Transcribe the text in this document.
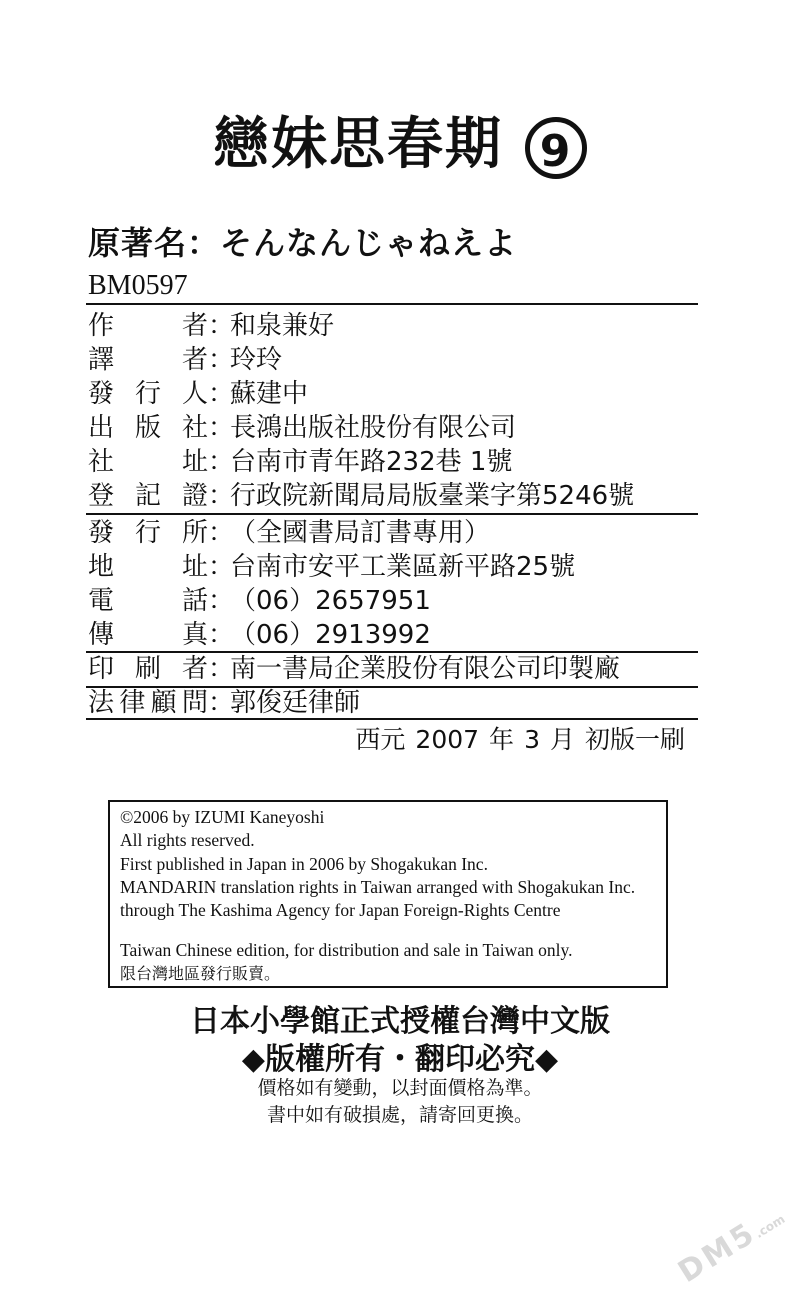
戀妹思春期 9
原著名：そんなんじゃねえよ
BM0597
作	者 ：
和泉兼好
譯	者 ：
玲玲
發 行 人 ：
蘇建中
出 版 社 ：
長鴻出版社股份有限公司
社	址 ：
台南市青年路232巷 1號
登 記 證 ：
行政院新聞局局版臺業字第5246號
發 行 所 ：
（全國書局訂書專用）
地	址 ：
台南市安平工業區新平路25號
電	話 ：
（06）2657951
傳	真 ：
（06）2913992
印 刷 者 ：
南一書局企業股份有限公司印製廠
法 律 顧 問 ：
郭俊廷律師
西元 2007 年 3 月 初版一刷
©2006 by IZUMI Kaneyoshi
All rights reserved.
First published in Japan in 2006 by Shogakukan Inc.
MANDARIN translation rights in Taiwan arranged with Shogakukan Inc.
through The Kashima Agency for Japan Foreign-Rights Centre
Taiwan Chinese edition, for distribution and sale in Taiwan only.
限台灣地區發行販賣。
日本小學館正式授權台灣中文版
◆版權所有・翻印必究◆
價格如有變動，以封面價格為準。
書中如有破損處，請寄回更換。
DM5.com
